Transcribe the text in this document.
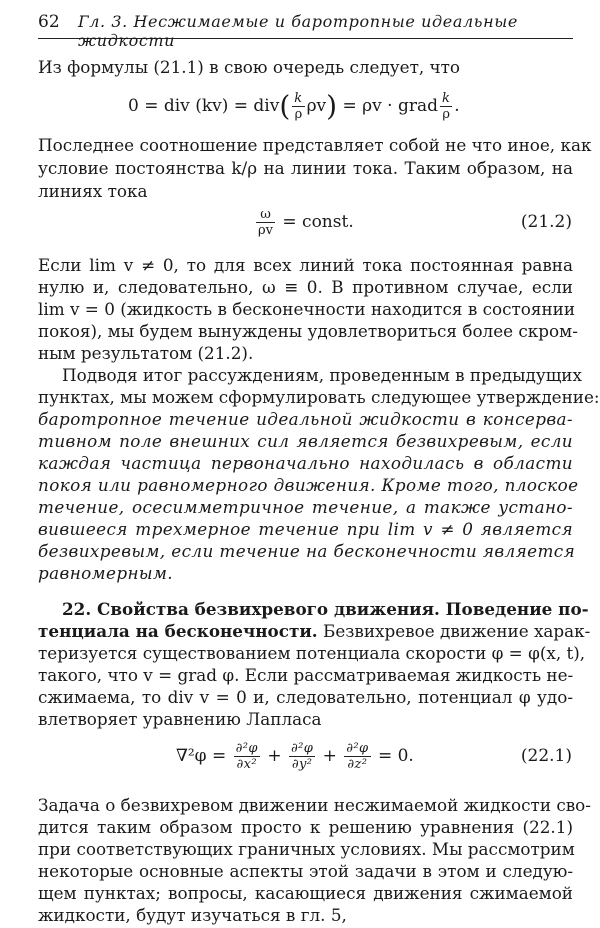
62 Гл. 3. Несжимаемые и баротропные идеальные жидкости
Из формулы (21.1) в свою очередь следует, что
0 = div $(kv) = div( \frac{k}{\rho} \rho v) = \rho v$ · grad $\frac{k}{\rho}$ .
Последнее соотношение представляет собой не что иное, как
условие постоянства k/ρ на линии тока. Таким образом, на
линиях тока
$\frac{\omega}{\rho v}$ = const.	(21.2)
Если lim v ≠ 0, то для всех линий тока постоянная равна
нулю и, следовательно, ω ≡ 0. В противном случае, если
lim v = 0 (жидкость в бесконечности находится в состоянии
покоя), мы будем вынуждены удовлетвориться более скром-
ным результатом (21.2).
Подводя итог рассуждениям, проведенным в предыдущих
пунктах, мы можем сформулировать следующее утверждение:
баротропное течение идеальной жидкости в консерва-
тивном поле внешних сил является безвихревым, если
каждая частица первоначально находилась в области
покоя или равномерного движения. Кроме того, плоское
течение, осесимметричное течение, а также устано-
вившееся трехмерное течение при lim v ≠ 0 является
безвихревым, если течение на бесконечности является
равномерным.
22. Свойства безвихревого движения. Поведение по-
тенциала на бесконечности. Безвихревое движение харак-
теризуется существованием потенциала скорости φ = φ(x, t),
такого, что v = grad φ. Если рассматриваемая жидкость не-
сжимаема, то div v = 0 и, следовательно, потенциал φ удо-
влетворяет уравнению Лапласа
$\nabla^2\varphi = \frac{\text{∂²φ}}{\text{∂x²}} + \frac{\text{∂²φ}}{\text{∂y²}} + \frac{\text{∂²φ}}{\text{∂z²}} = 0$.	(22.1)
Задача о безвихревом движении несжимаемой жидкости сво-
дится таким образом просто к решению уравнения (22.1)
при соответствующих граничных условиях. Мы рассмотрим
некоторые основные аспекты этой задачи в этом и следую-
щем пунктах; вопросы, касающиеся движения сжимаемой
жидкости, будут изучаться в гл. 5,
